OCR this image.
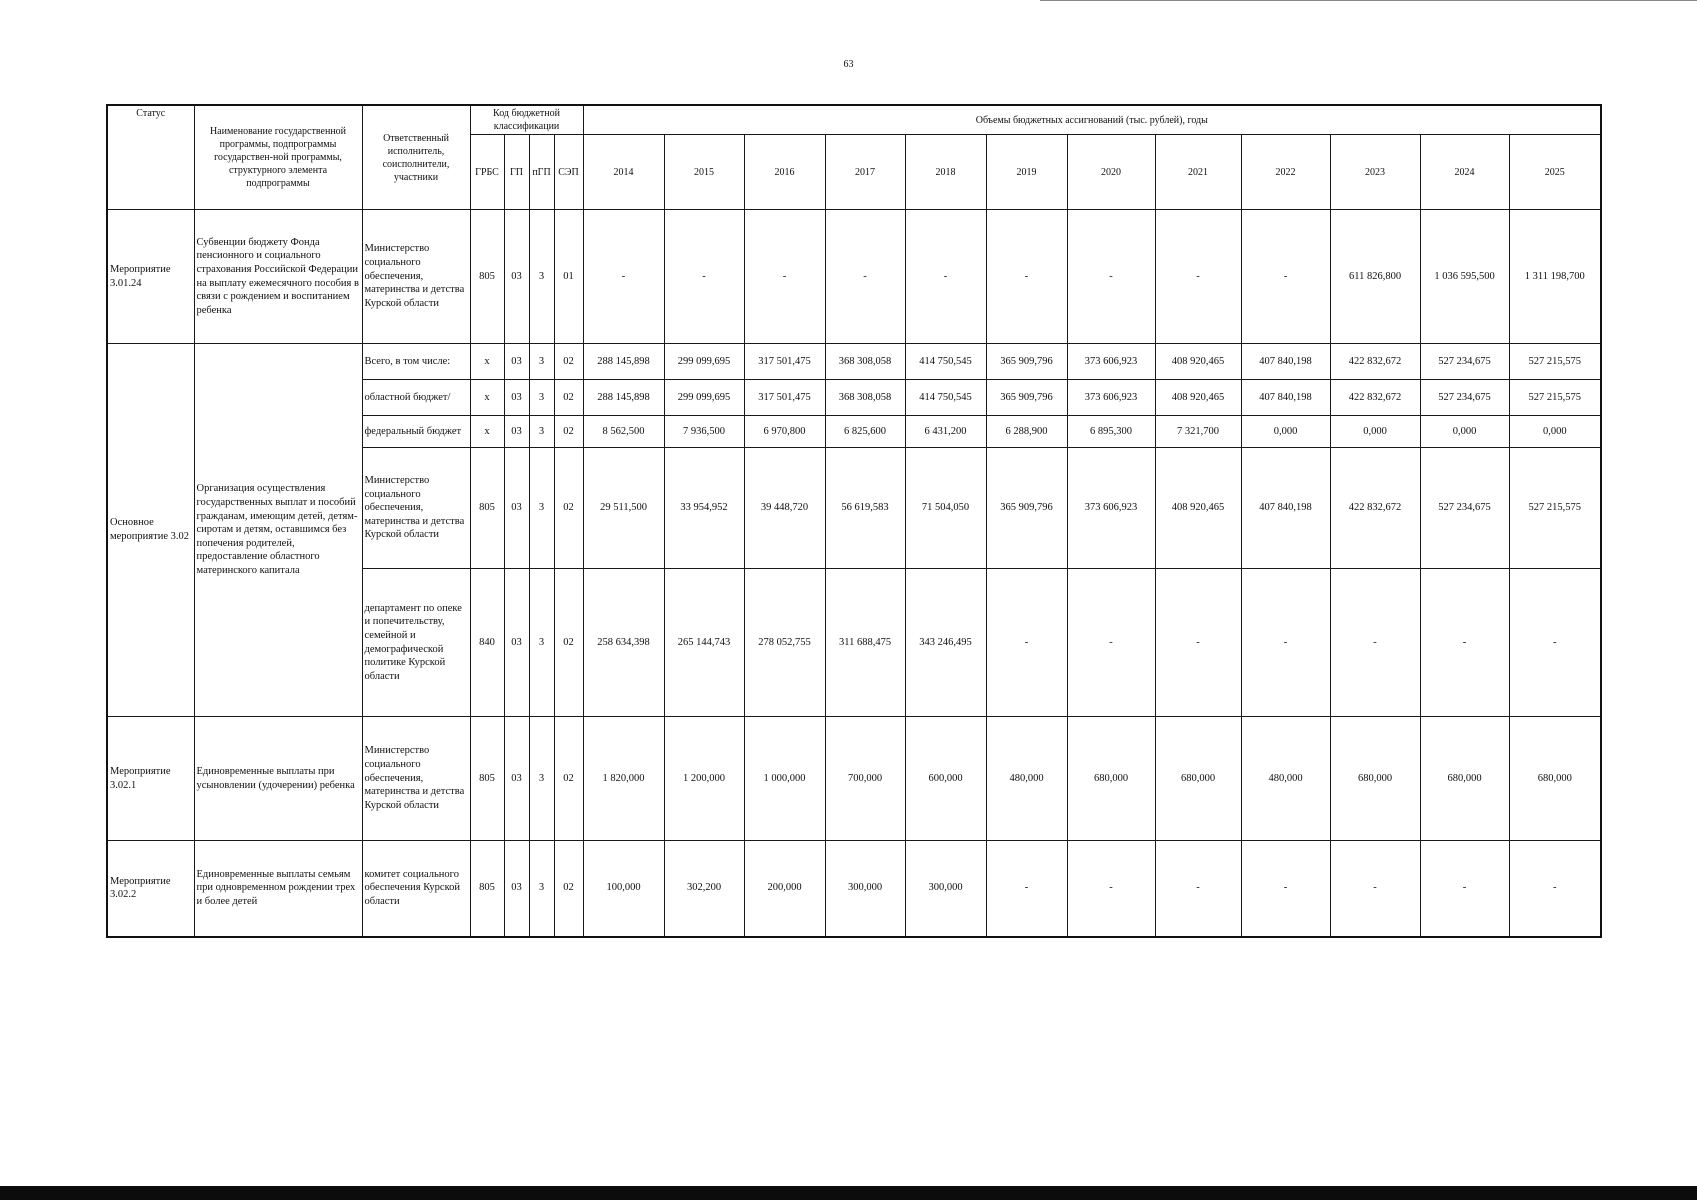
63
Статус	Наименование государственной программы, подпрограммы государствен-ной программы, структурного элемента подпрограммы	Ответственный исполнитель, соисполнители, участники	Код бюджетной классификации				Объемы бюджетных ассигнований (тыс. рублей), годы											
			ГРБС	ГП	пГП	СЭП	2014	2015	2016	2017	2018	2019	2020	2021	2022	2023	2024	2025
Мероприятие 3.01.24	Субвенции бюджету Фонда пенсионного и социального страхования Российской Федерации на выплату ежемесячного пособия в связи с рождением и воспитанием ребенка	Министерство социального обеспечения, материнства и детства Курской области	805	03	3	01	-	-	-	-	-	-	-	-	-	611 826,800	1 036 595,500	1 311 198,700
Основное мероприятие 3.02	Организация осуществления государственных выплат и пособий гражданам, имеющим детей, детям-сиротам и детям, оставшимся без попечения родителей, предоставление областного материнского капитала	Всего, в том числе:	x	03	3	02	288 145,898	299 099,695	317 501,475	368 308,058	414 750,545	365 909,796	373 606,923	408 920,465	407 840,198	422 832,672	527 234,675	527 215,575
		областной бюджет/	x	03	3	02	288 145,898	299 099,695	317 501,475	368 308,058	414 750,545	365 909,796	373 606,923	408 920,465	407 840,198	422 832,672	527 234,675	527 215,575
		федеральный бюджет	x	03	3	02	8 562,500	7 936,500	6 970,800	6 825,600	6 431,200	6 288,900	6 895,300	7 321,700	0,000	0,000	0,000	0,000
		Министерство социального обеспечения, материнства и детства Курской области	805	03	3	02	29 511,500	33 954,952	39 448,720	56 619,583	71 504,050	365 909,796	373 606,923	408 920,465	407 840,198	422 832,672	527 234,675	527 215,575
		департамент по опеке и попечительству, семейной и демографической политике Курской области	840	03	3	02	258 634,398	265 144,743	278 052,755	311 688,475	343 246,495	-	-	-	-	-	-	-
Мероприятие 3.02.1	Единовременные выплаты при усыновлении (удочерении) ребенка	Министерство социального обеспечения, материнства и детства Курской области	805	03	3	02	1 820,000	1 200,000	1 000,000	700,000	600,000	480,000	680,000	680,000	480,000	680,000	680,000	680,000
Мероприятие 3.02.2	Единовременные выплаты семьям при одновременном рождении трех и более детей	комитет социального обеспечения Курской области	805	03	3	02	100,000	302,200	200,000	300,000	300,000	-	-	-	-	-	-	-
